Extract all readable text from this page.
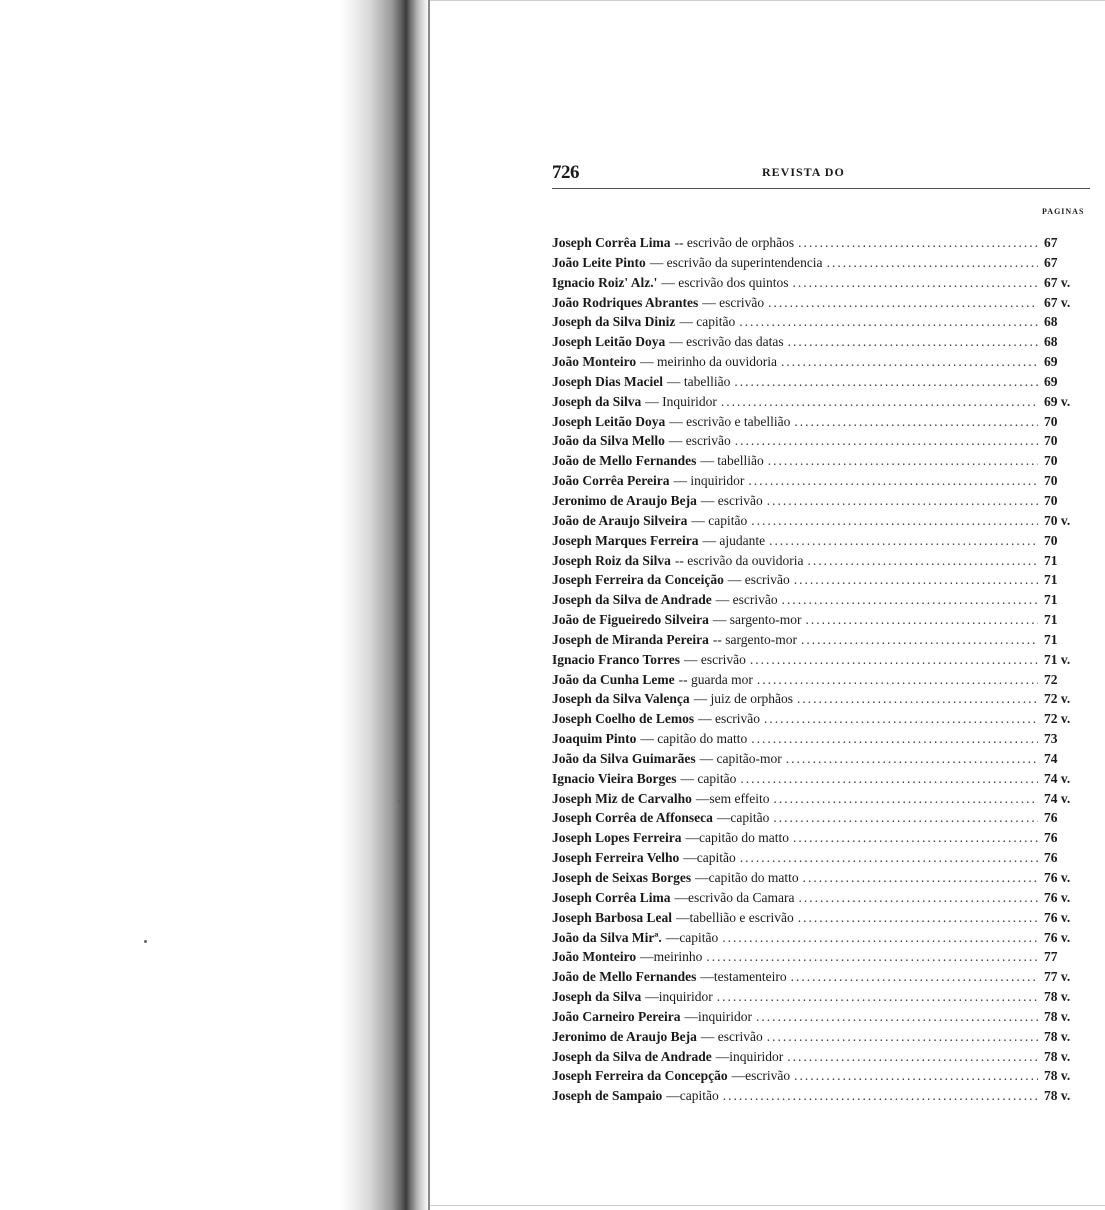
726	REVISTA DO
PAGINAS
Joseph Corrêa Lima -- escrivão de orphãos .....	67
João Leite Pinto — escrivão da superintendencia .....	67
Ignacio Roiz' Alz.' — escrivão dos quintos .....	67 v.
João Rodriques Abrantes — escrivão .....	67 v.
Joseph da Silva Diniz — capitão .....	68
Joseph Leitão Doya — escrivão das datas .....	68
João Monteiro — meirinho da ouvidoria .....	69
Joseph Dias Maciel — tabellião .....	69
Joseph da Silva — Inquiridor .....	69 v.
Joseph Leitão Doya — escrivão e tabellião .....	70
João da Silva Mello — escrivão .....	70
João de Mello Fernandes — tabellião .....	70
João Corrêa Pereira — inquiridor .....	70
Jeronimo de Araujo Beja — escrivão .....	70
João de Araujo Silveira — capitão .....	70 v.
Joseph Marques Ferreira — ajudante .....	70
Joseph Roiz da Silva -- escrivão da ouvidoria .....	71
Joseph Ferreira da Conceição — escrivão .....	71
Joseph da Silva de Andrade — escrivão .....	71
João de Figueiredo Silveira — sargento-mor .....	71
Joseph de Miranda Pereira -- sargento-mor .....	71
Ignacio Franco Torres — escrivão .....	71 v.
João da Cunha Leme -- guarda mor .....	72
Joseph da Silva Valença — juiz de orphãos .....	72 v.
Joseph Coelho de Lemos — escrivão .....	72 v.
Joaquim Pinto — capitão do matto .....	73
João da Silva Guimarães — capitão-mor .....	74
Ignacio Vieira Borges — capitão .....	74 v.
Joseph Miz de Carvalho —sem effeito .....	74 v.
Joseph Corrêa de Affonseca —capitão .....	76
Joseph Lopes Ferreira —capitão do matto .....	76
Joseph Ferreira Velho —capitão .....	76
Joseph de Seixas Borges —capitão do matto .....	76 v.
Joseph Corrêa Lima —escrivão da Camara .....	76 v.
Joseph Barbosa Leal —tabellião e escrivão .....	76 v.
João da Silva Mirª. —capitão .....	76 v.
João Monteiro —meirinho .....	77
João de Mello Fernandes —testamenteiro .....	77 v.
Joseph da Silva —inquiridor .....	78 v.
João Carneiro Pereira —inquiridor .....	78 v.
Jeronimo de Araujo Beja — escrivão .....	78 v.
Joseph da Silva de Andrade —inquiridor .....	78 v.
Joseph Ferreira da Concepção —escrivão .....	78 v.
Joseph de Sampaio —capitão .....	78 v.
